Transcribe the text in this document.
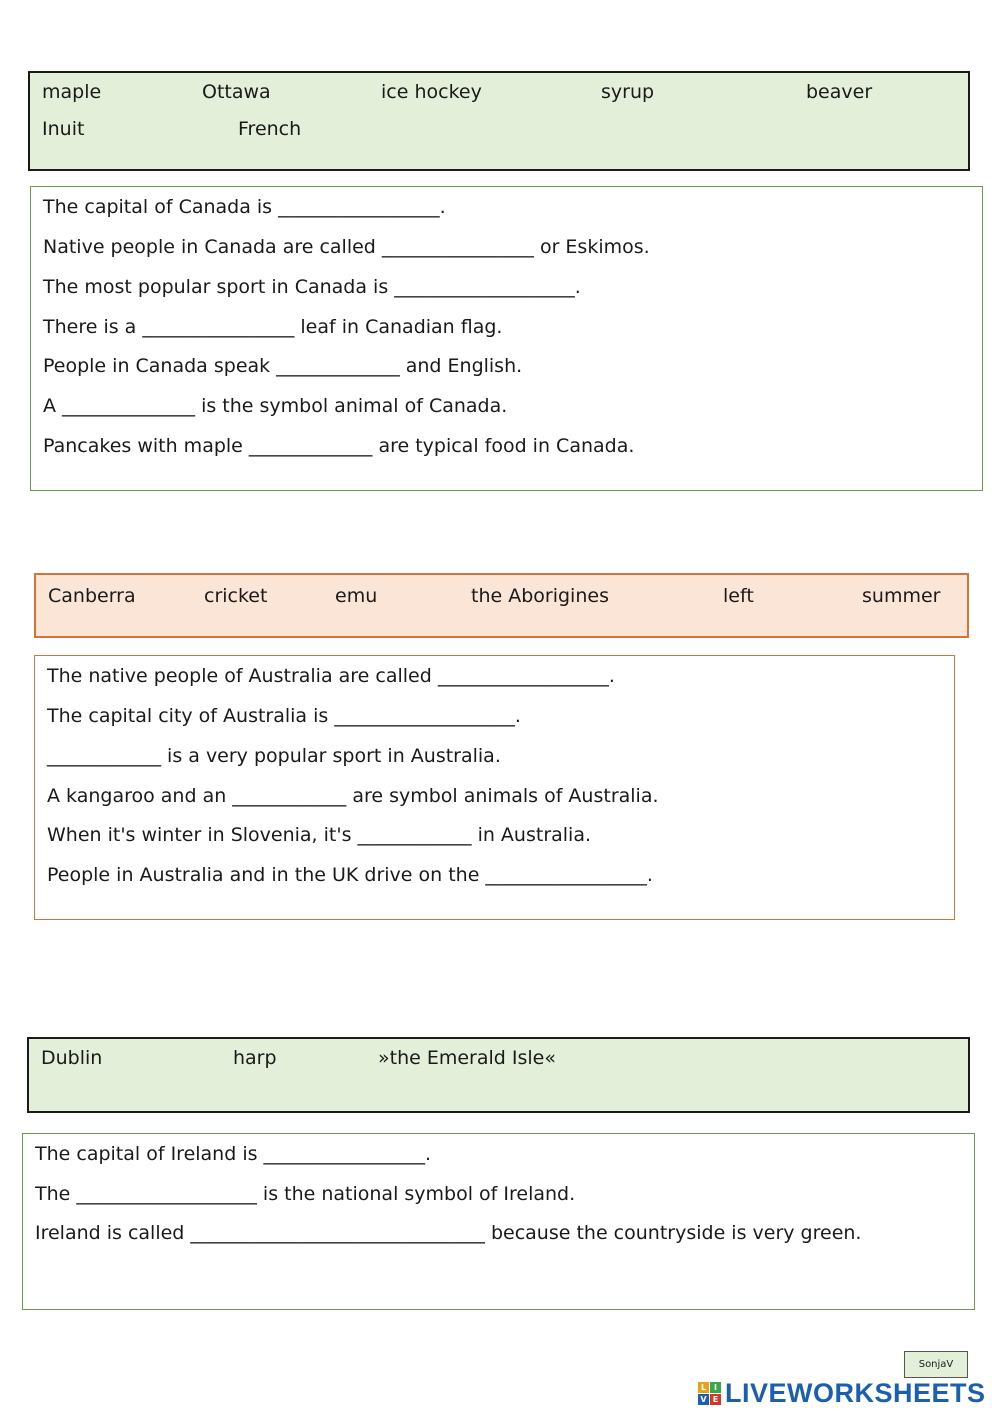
maple	Ottawa	ice hockey	syrup	beaver
Inuit	French
The capital of Canada is _________________.
Native people in Canada are called ________________ or Eskimos.
The most popular sport in Canada is ___________________.
There is a ________________ leaf in Canadian flag.
People in Canada speak _____________ and English.
A ______________ is the symbol animal of Canada.
Pancakes with maple _____________ are typical food in Canada.
Canberra	cricket	emu	the Aborigines	left	summer
The native people of Australia are called __________________.
The capital city of Australia is ___________________.
____________ is a very popular sport in Australia.
A kangaroo and an ____________ are symbol animals of Australia.
When it's winter in Slovenia, it's ____________ in Australia.
People in Australia and in the UK drive on the _________________.
Dublin	harp	»the Emerald Isle«
The capital of Ireland is _________________.
The ___________________ is the national symbol of Ireland.
Ireland is called _______________________________ because the countryside is very green.
SonjaV
L I
V E LIVEWORKSHEETS
